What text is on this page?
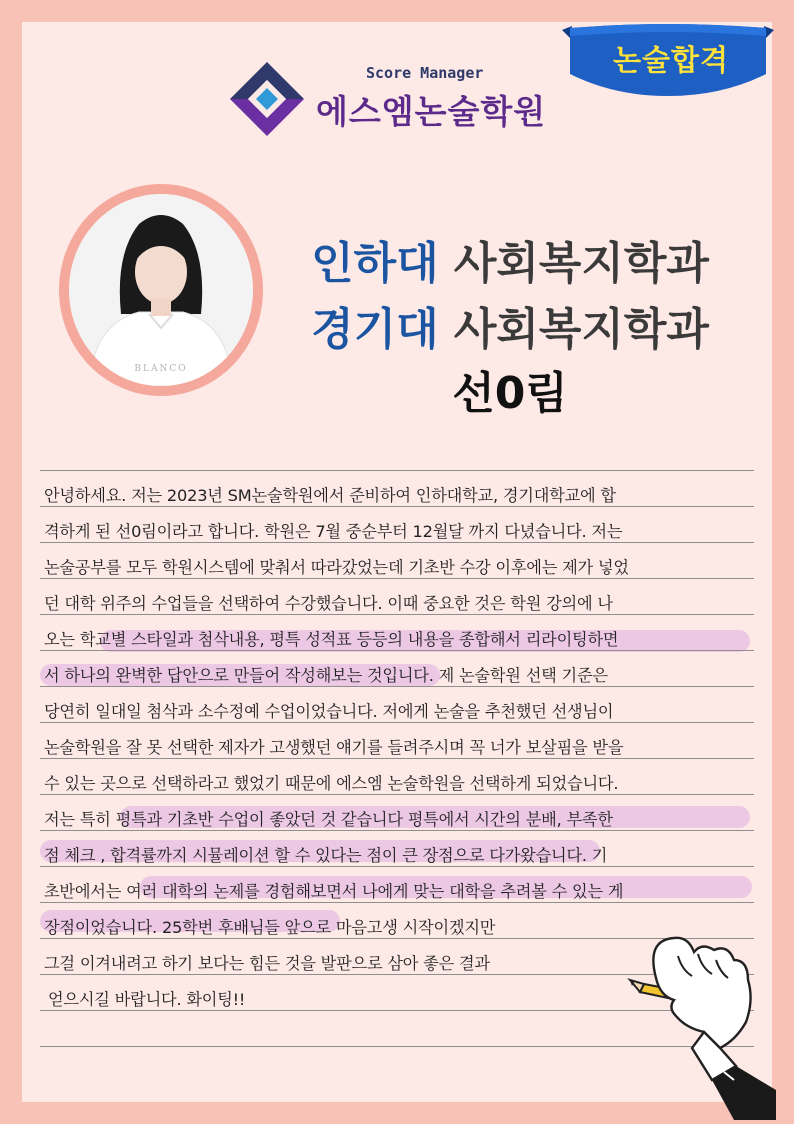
논술합격
Score Manager
에스엠논술학원
BLANCO
인하대 사회복지학과
경기대 사회복지학과
선0림
안녕하세요. 저는 2023년 SM논술학원에서 준비하여 인하대학교, 경기대학교에 합
격하게 된 선0림이라고 합니다. 학원은 7월 중순부터 12월달 까지 다녔습니다. 저는
논술공부를 모두 학원시스템에 맞춰서 따라갔었는데 기초반 수강 이후에는 제가 넣었
던 대학 위주의 수업들을 선택하여 수강했습니다. 이때 중요한 것은 학원 강의에 나
오는 학교별 스타일과 첨삭내용, 평특 성적표 등등의 내용을 종합해서 리라이팅하면
서 하나의 완벽한 답안으로 만들어 작성해보는 것입니다. 제 논술학원 선택 기준은
당연히 일대일 첨삭과 소수정예 수업이었습니다. 저에게 논술을 추천했던 선생님이
논술학원을 잘 못 선택한 제자가 고생했던 얘기를 들려주시며 꼭 너가 보살핌을 받을
수 있는 곳으로 선택하라고 했었기 때문에 에스엠 논술학원을 선택하게 되었습니다.
저는 특히 평특과 기초반 수업이 좋았던 것 같습니다 평특에서 시간의 분배, 부족한
점 체크 , 합격률까지 시뮬레이션 할 수 있다는 점이 큰 장점으로 다가왔습니다. 기
초반에서는 여러 대학의 논제를 경험해보면서 나에게 맞는 대학을 추려볼 수 있는 게
장점이었습니다. 25학번 후배님들 앞으로 마음고생 시작이겠지만
그걸 이겨내려고 하기 보다는 힘든 것을 발판으로 삼아 좋은 결과
얻으시길 바랍니다. 화이팅!!
